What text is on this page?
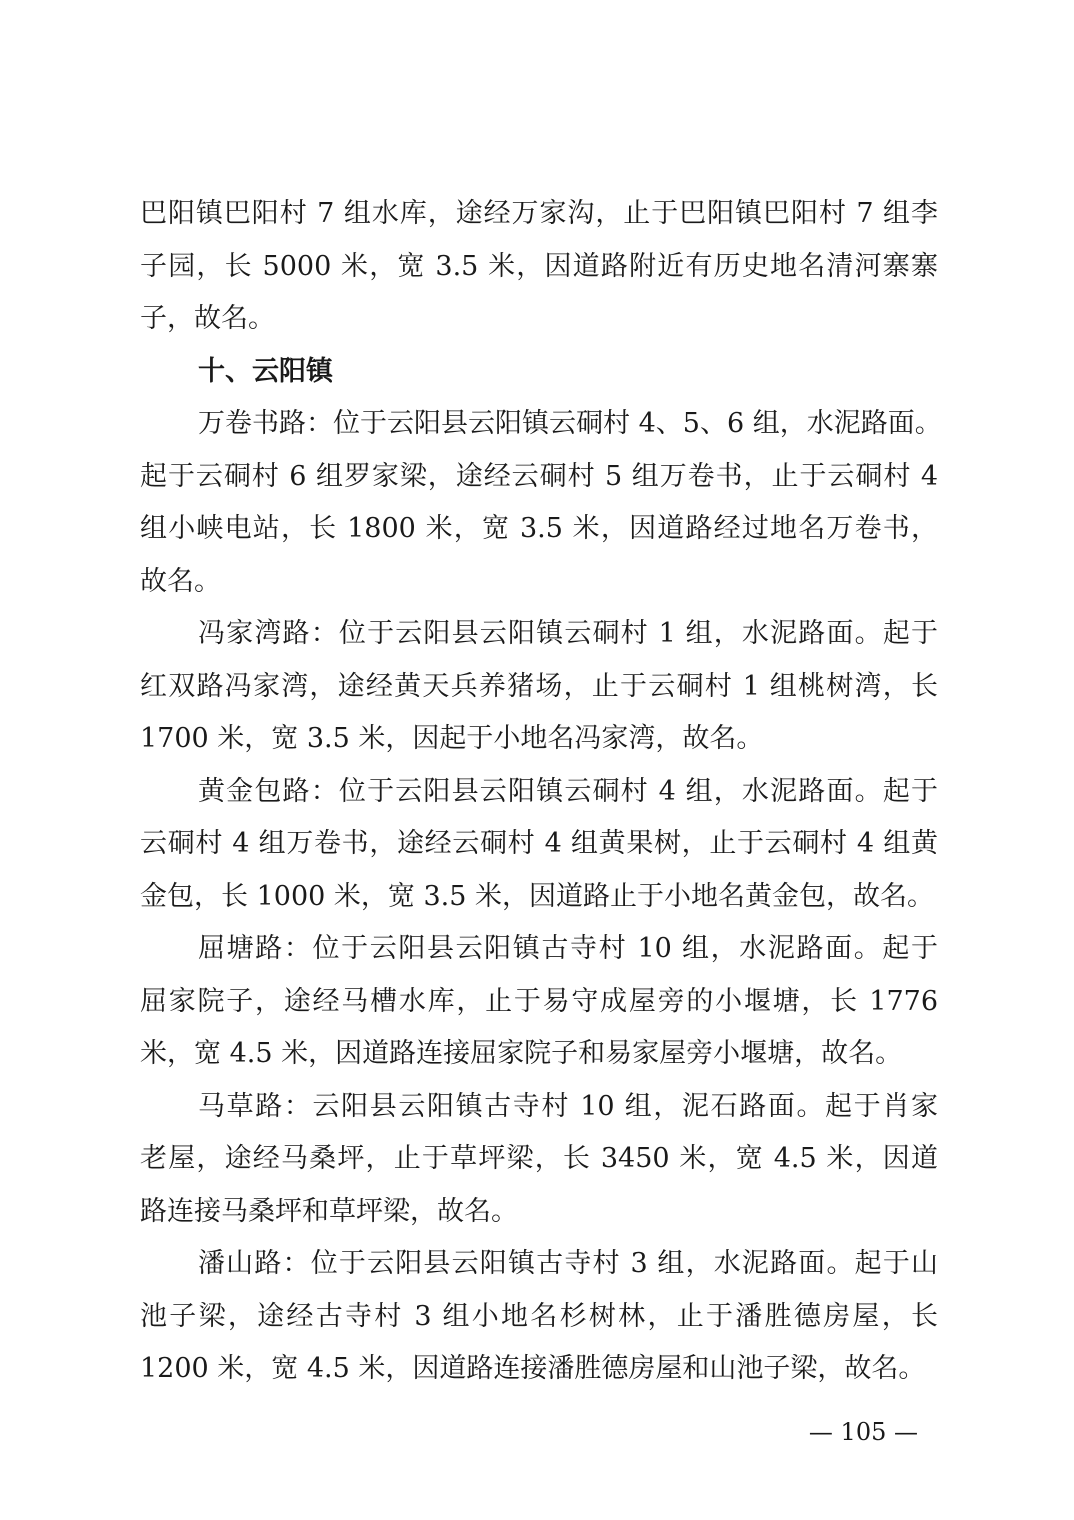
巴阳镇巴阳村 7 组水库，途经万家沟，止于巴阳镇巴阳村 7 组李
子园，长 5000 米，宽 3.5 米，因道路附近有历史地名清河寨寨
子，故名。
十、云阳镇
万卷书路：位于云阳县云阳镇云硐村 4、5、6 组，水泥路面。
起于云硐村 6 组罗家梁，途经云硐村 5 组万卷书，止于云硐村 4
组小峡电站，长 1800 米，宽 3.5 米，因道路经过地名万卷书，
故名。
冯家湾路：位于云阳县云阳镇云硐村 1 组，水泥路面。起于
红双路冯家湾，途经黄天兵养猪场，止于云硐村 1 组桃树湾，长
1700 米，宽 3.5 米，因起于小地名冯家湾，故名。
黄金包路：位于云阳县云阳镇云硐村 4 组，水泥路面。起于
云硐村 4 组万卷书，途经云硐村 4 组黄果树，止于云硐村 4 组黄
金包，长 1000 米，宽 3.5 米，因道路止于小地名黄金包，故名。
屈塘路：位于云阳县云阳镇古寺村 10 组，水泥路面。起于
屈家院子，途经马槽水库，止于易守成屋旁的小堰塘，长 1776
米，宽 4.5 米，因道路连接屈家院子和易家屋旁小堰塘，故名。
马草路：云阳县云阳镇古寺村 10 组，泥石路面。起于肖家
老屋，途经马桑坪，止于草坪梁，长 3450 米，宽 4.5 米，因道
路连接马桑坪和草坪梁，故名。
潘山路：位于云阳县云阳镇古寺村 3 组，水泥路面。起于山
池子梁，途经古寺村 3 组小地名杉树林，止于潘胜德房屋，长
1200 米，宽 4.5 米，因道路连接潘胜德房屋和山池子梁，故名。
— 105 —
